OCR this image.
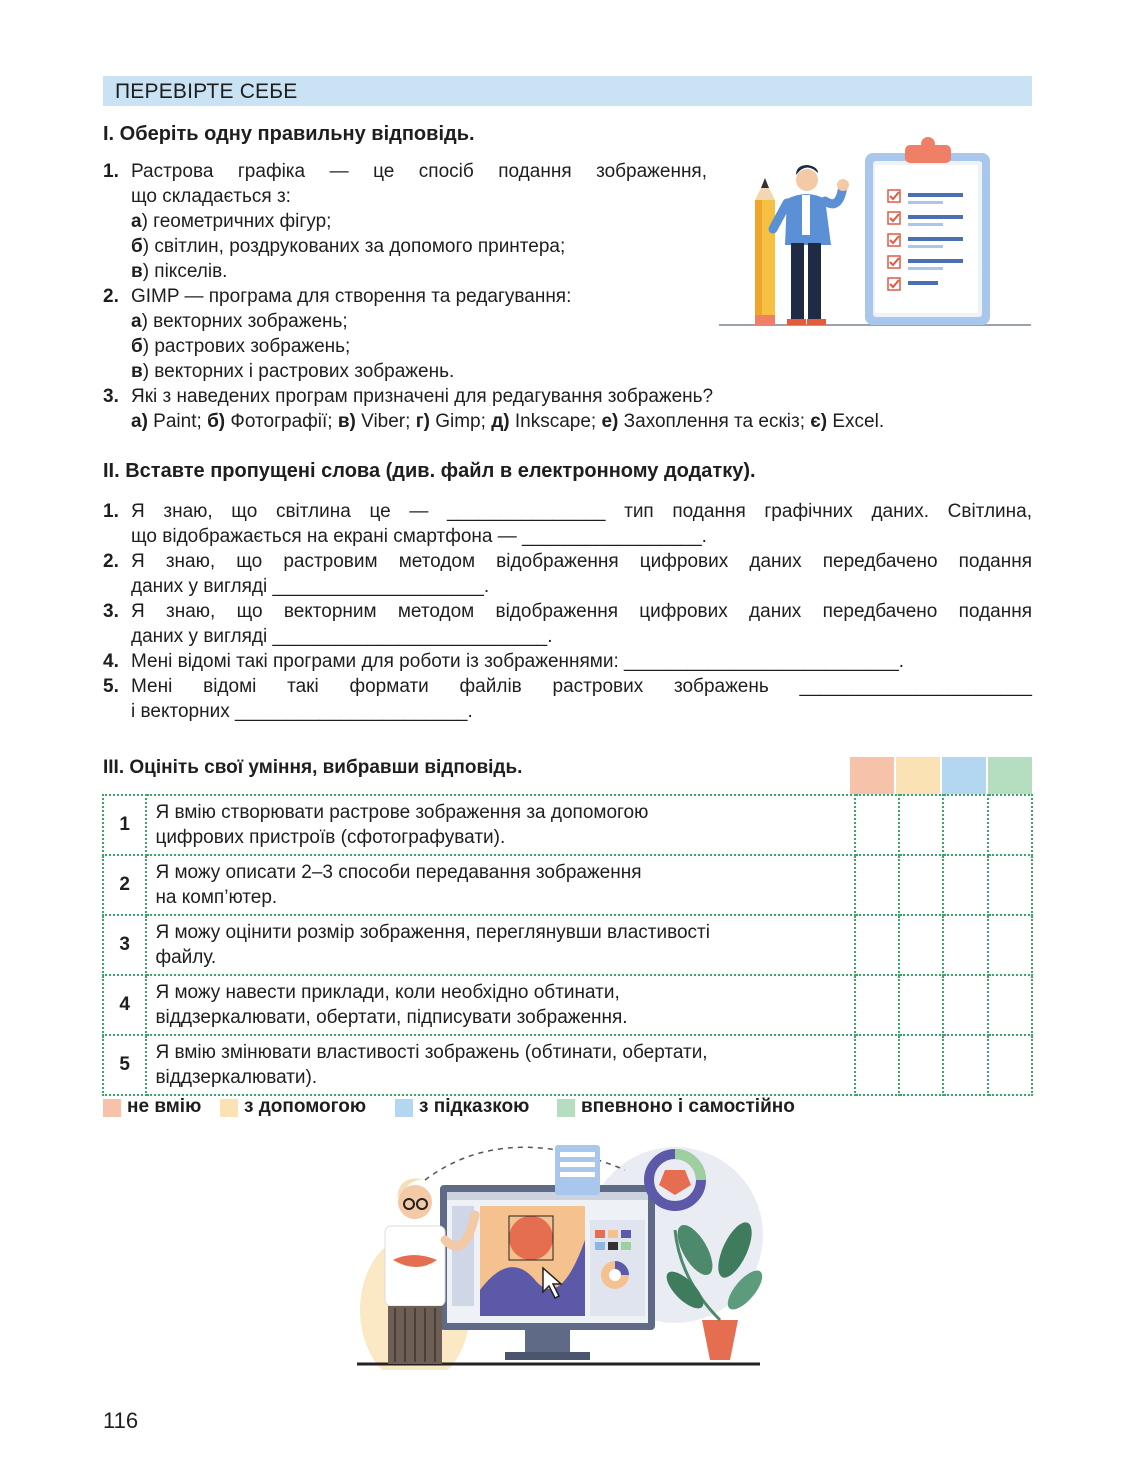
ПЕРЕВІРТЕ СЕБЕ
I. Оберіть одну правильну відповідь.
1. Растрова графіка — це спосіб подання зображення,
що складається з:
а) геометричних фігур;
б) світлин, роздрукованих за допомого принтера;
в) пікселів.
2. GIMP — програма для створення та редагування:
а) векторних зображень;
б) растрових зображень;
в) векторних і растрових зображень.
3. Які з наведених програм призначені для редагування зображень?
а) Paint; б) Фотографії; в) Viber; г) Gimp; д) Inkscape; е) Захоплення та ескіз; є) Excel.
II. Вставте пропущені слова (див. файл в електронному додатку).
1. Я знаю, що світлина це — _______________ тип подання графічних даних. Світлина,
що відображається на екрані смартфона — _________________.
2. Я знаю, що растровим методом відображення цифрових даних передбачено подання
даних у вигляді ____________________.
3. Я знаю, що векторним методом відображення цифрових даних передбачено подання
даних у вигляді __________________________.
4. Мені відомі такі програми для роботи із зображеннями: __________________________.
5. Мені відомі такі формати файлів растрових зображень ______________________
і векторних ______________________.
III. Оцініть свої уміння, вибравши відповідь.
1	Я вмію створювати растрове зображення за допомогою
цифрових пристроїв (сфотографувати).				

2	Я можу описати 2–3 способи передавання зображення
на комп’ютер.				

3	Я можу оцінити розмір зображення, переглянувши властивості
файлу.				

4	Я можу навести приклади, коли необхідно обтинати,
віддзеркалювати, обертати, підписувати зображення.				

5	Я вмію змінювати властивості зображень (обтинати, обертати,
віддзеркалювати).				

не вмію з допомогою	з підказкою	впевноно і самостійно
116
